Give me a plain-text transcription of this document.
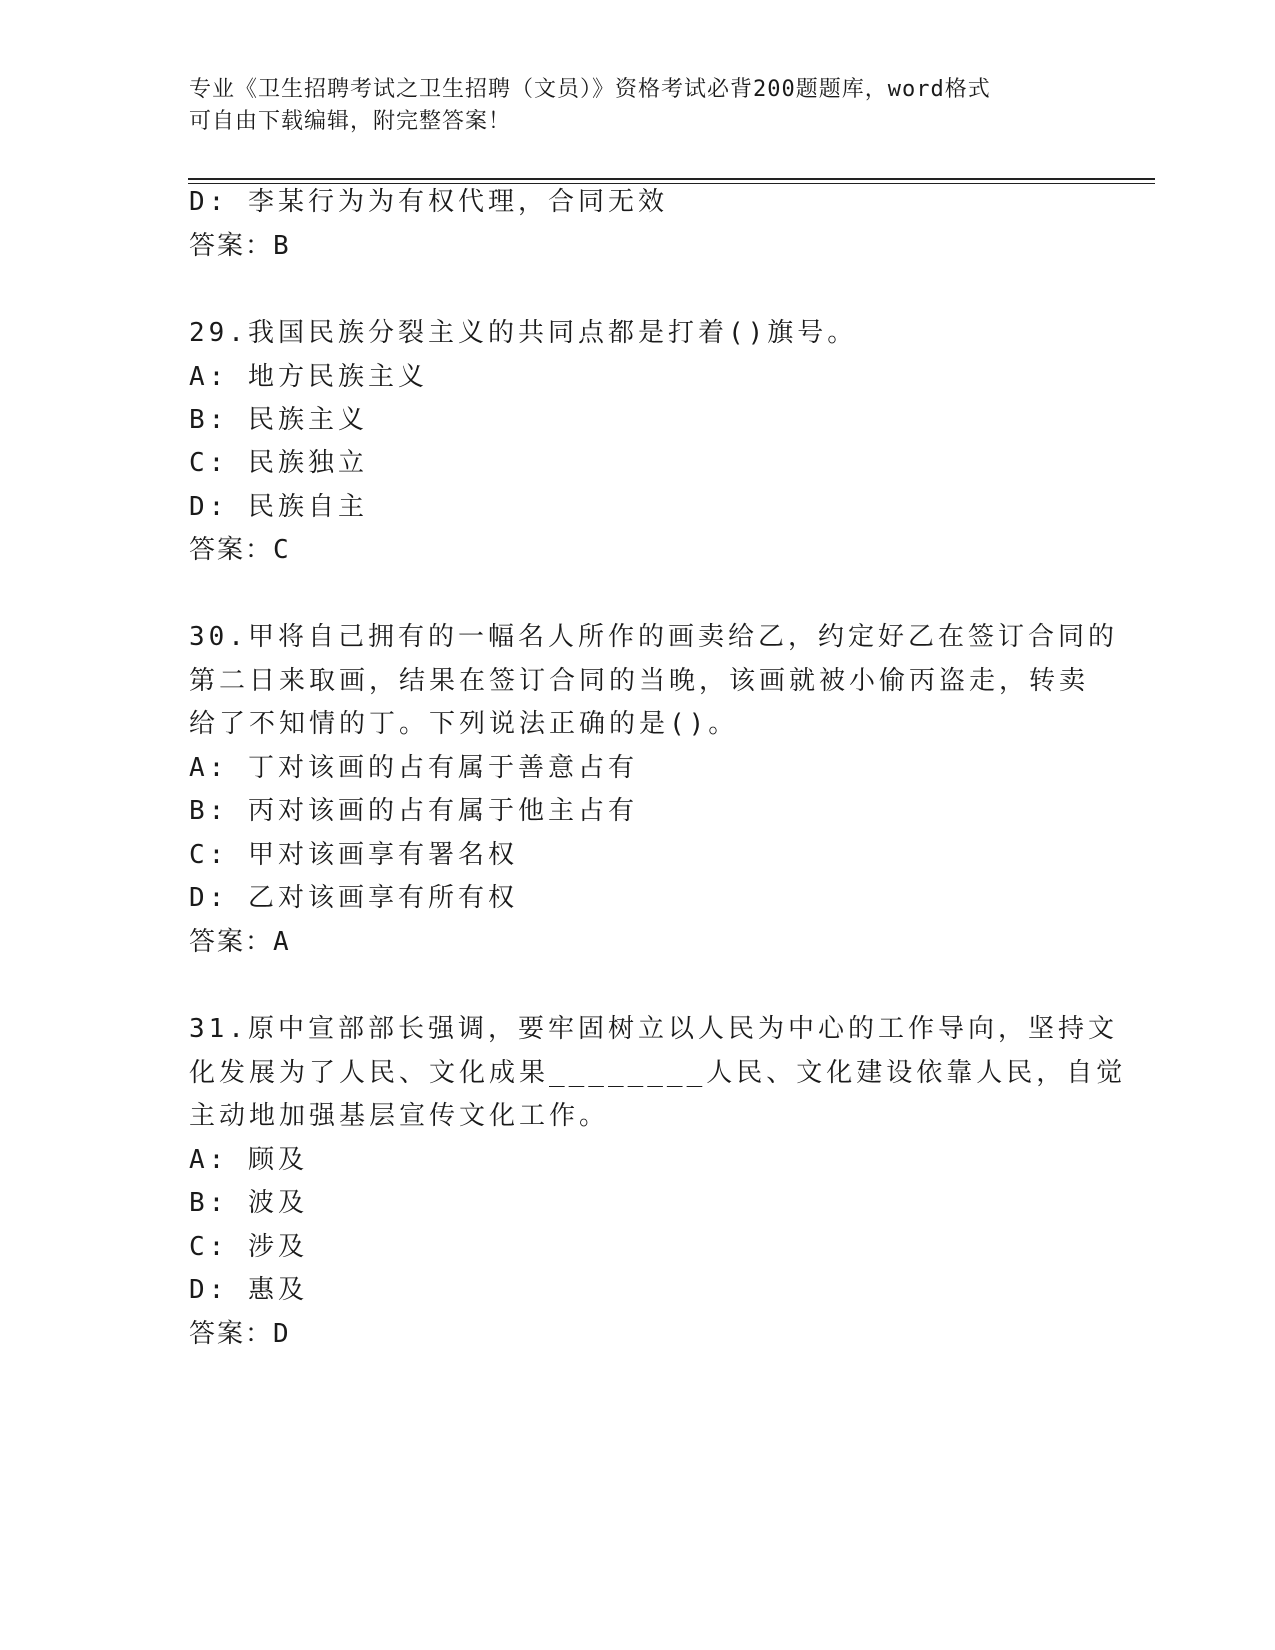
专业《卫生招聘考试之卫生招聘（文员）》资格考试必背200题题库，word格式
可自由下载编辑，附完整答案！
D: 李某行为为有权代理，合同无效
答案：B
29.我国民族分裂主义的共同点都是打着()旗号。
A: 地方民族主义
B: 民族主义
C: 民族独立
D: 民族自主
答案：C
30.甲将自己拥有的一幅名人所作的画卖给乙，约定好乙在签订合同的
第二日来取画，结果在签订合同的当晚，该画就被小偷丙盗走，转卖
给了不知情的丁。下列说法正确的是()。
A: 丁对该画的占有属于善意占有
B: 丙对该画的占有属于他主占有
C: 甲对该画享有署名权
D: 乙对该画享有所有权
答案：A
31.原中宣部部长强调，要牢固树立以人民为中心的工作导向，坚持文
化发展为了人民、文化成果________人民、文化建设依靠人民，自觉
主动地加强基层宣传文化工作。
A: 顾及
B: 波及
C: 涉及
D: 惠及
答案：D
